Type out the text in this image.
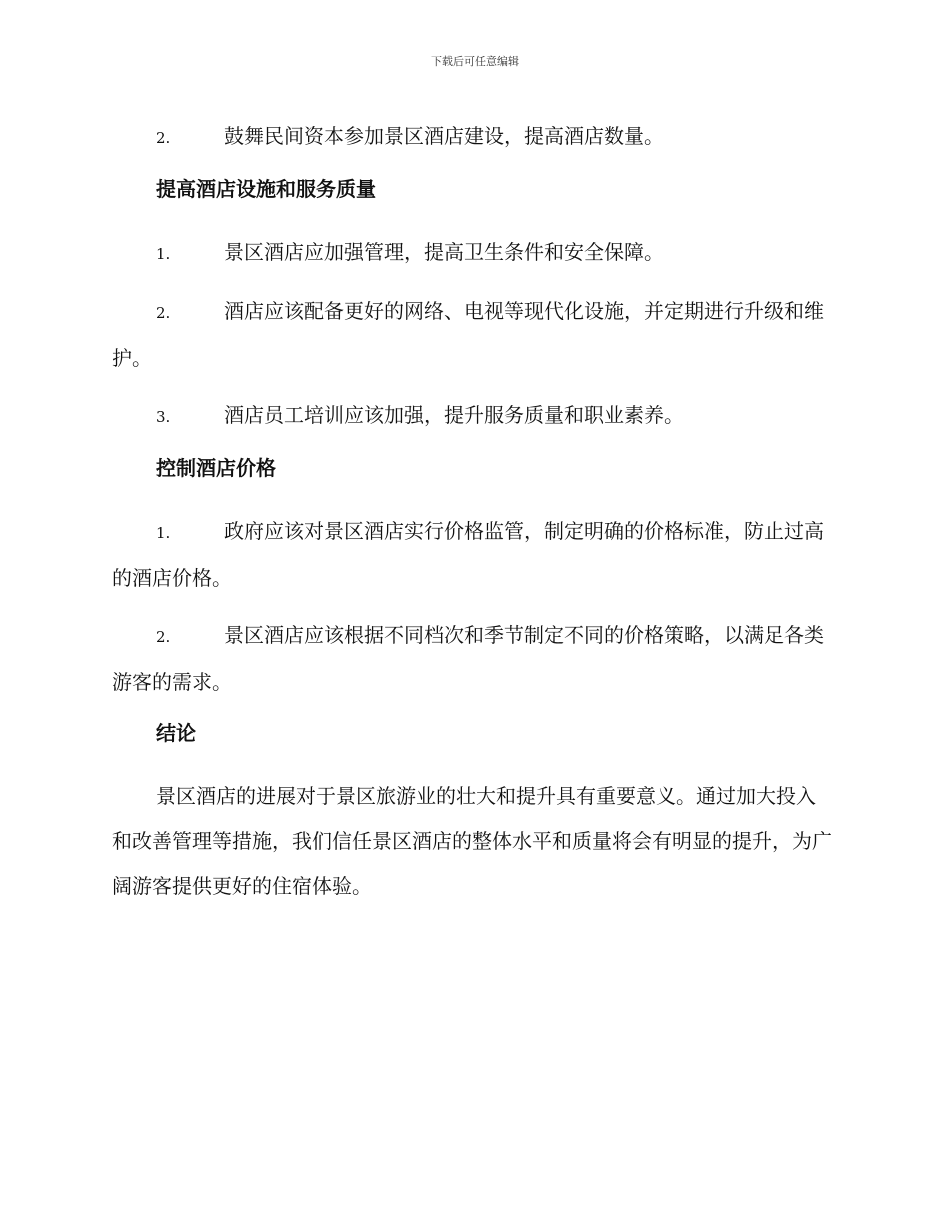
下载后可任意编辑

2.	鼓舞民间资本参加景区酒店建设，提高酒店数量。

提高酒店设施和服务质量

1.	景区酒店应加强管理，提高卫生条件和安全保障。

2.	酒店应该配备更好的网络、电视等现代化设施，并定期进行升级和维护。

3.	酒店员工培训应该加强，提升服务质量和职业素养。

控制酒店价格

1.	政府应该对景区酒店实行价格监管，制定明确的价格标准，防止过高的酒店价格。

2.	景区酒店应该根据不同档次和季节制定不同的价格策略，以满足各类游客的需求。

结论

景区酒店的进展对于景区旅游业的壮大和提升具有重要意义。通过加大投入和改善管理等措施，我们信任景区酒店的整体水平和质量将会有明显的提升，为广阔游客提供更好的住宿体验。
